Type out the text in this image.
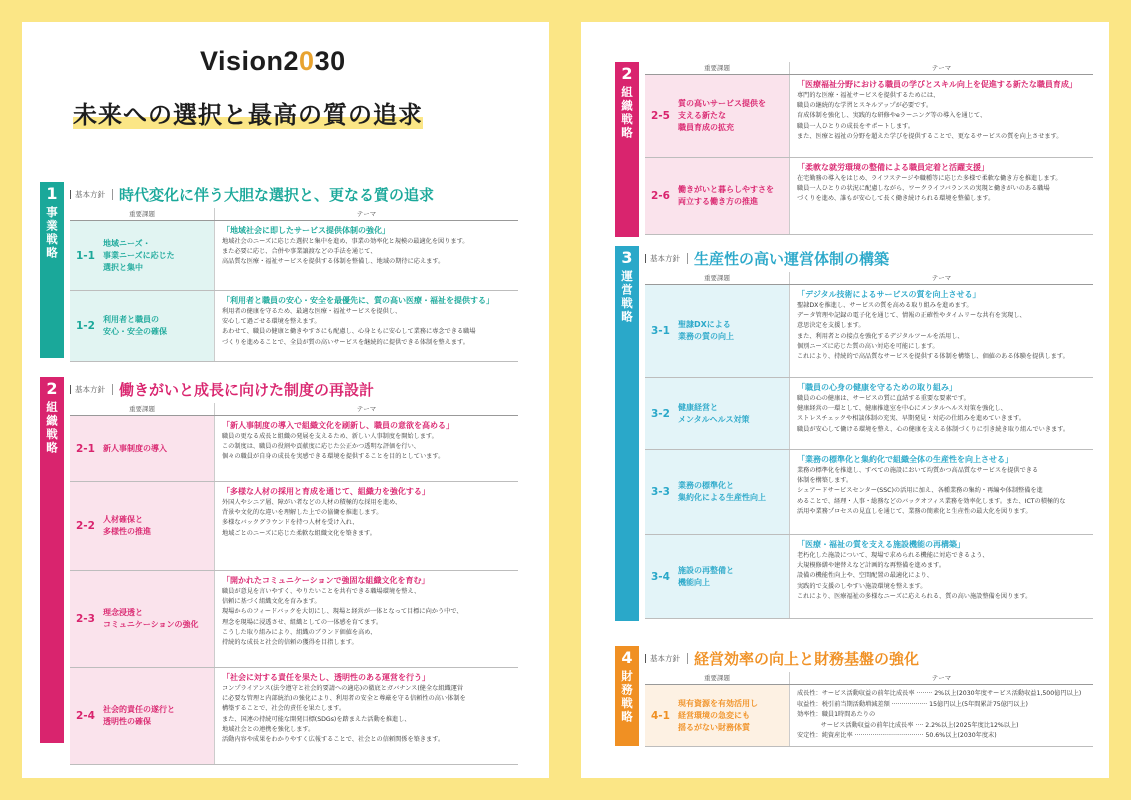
Vision2030
未来への選択と最高の質の追求
1
事業戦略
基本方針 時代変化に伴う大胆な選択と、更なる質の追求
重要課題	テーマ
1-1
地域ニーズ・
事業ニーズに応じた
選択と集中
「地域社会に即したサービス提供体制の強化」
地域社会のニーズに応じた選択と集中を進め、事業の効率化と規模の最適化を図ります。
また必要に応じ、合併や事業譲渡などの手法を通じて、
高品質な医療・福祉サービスを提供する体制を整備し、地域の期待に応えます。
1-2
利用者と職員の
安心・安全の確保
「利用者と職員の安心・安全を最優先に、質の高い医療・福祉を提供する」
利用者の健康を守るため、最適な医療・福祉サービスを提供し、
安心して過ごせる環境を整えます。
あわせて、職員の健康と働きやすさにも配慮し、心身ともに安心して業務に専念できる職場
づくりを進めることで、全員が質の高いサービスを継続的に提供できる体制を整えます。
2
組織戦略
基本方針 働きがいと成長に向けた制度の再設計
重要課題	テーマ
2-1	新人事制度の導入
「新人事制度の導入で組織文化を刷新し、職員の意欲を高める」
職員の更なる成長と組織の発展を支えるため、新しい人事制度を開始します。
この制度は、職員の役割や貢献度に応じた公正かつ透明な評価を行い、
個々の職員が自身の成長を実感できる環境を提供することを目的としています。
2-2
人材確保と
多様性の推進
「多様な人材の採用と育成を通じて、組織力を強化する」
外国人やシニア層、障がい者などの人材の積極的な採用を進め、
背景や文化的な違いを理解した上での協働を推進します。
多様なバックグラウンドを持つ人材を受け入れ、
地域ごとのニーズに応じた柔軟な組織文化を築きます。
2-3
理念浸透と
コミュニケーションの強化
「開かれたコミュニケーションで強固な組織文化を育む」
職員が意見を言いやすく、やりたいことを共有できる職場環境を整え、
信頼に基づく組織文化を育みます。
現場からのフィードバックを大切にし、現場と経営が一体となって目標に向かう中で、
理念を現場に浸透させ、組織としての一体感を育てます。
こうした取り組みにより、組織のブランド価値を高め、
持続的な成長と社会的信頼の獲得を目指します。
2-4
社会的責任の遂行と
透明性の確保
「社会に対する責任を果たし、透明性のある運営を行う」
コンプライアンス(法令遵守と社会的要請への適応)の徹底とガバナンス(健全な組織運営
に必要な管理と内部統治)の強化により、利用者の安全と尊厳を守る信頼性の高い体制を
構築することで、社会的責任を果たします。
また、国連の持続可能な開発目標(SDGs)を踏まえた活動を推進し、
地域社会との連携を強化します。
活動内容や成果をわかりやすく広報することで、社会との信頼関係を築きます。
2
組織戦略
重要課題	テーマ
2-5
質の高いサービス提供を
支える新たな
職員育成の拡充
「医療福祉分野における職員の学びとスキル向上を促進する新たな職員育成」
専門的な医療・福祉サービスを提供するためには、
職員の継続的な学習とスキルアップが必要です。
育成体制を強化し、実践的な研修やeラーニング等の導入を通じて、
職員一人ひとりの成長をサポートします。
また、医療と福祉の分野を超えた学びを提供することで、更なるサービスの質を向上させます。
2-6
働きがいと暮らしやすさを
両立する働き方の推進
「柔軟な就労環境の整備による職員定着と活躍支援」
在宅勤務の導入をはじめ、ライフステージや職種等に応じた多様で柔軟な働き方を推進します。
職員一人ひとりの状況に配慮しながら、ワークライフバランスの実現と働きがいのある職場
づくりを進め、誰もが安心して長く働き続けられる環境を整備します。
3
運営戦略
基本方針 生産性の高い運営体制の構築
重要課題	テーマ
3-1
聖隷DXによる
業務の質の向上
「デジタル技術によるサービスの質を向上させる」
聖隷DXを推進し、サービスの質を高める取り組みを進めます。
データ管理や記録の電子化を通じて、情報の正確性やタイムリーな共有を実現し、
意思決定を支援します。
また、利用者との接点を強化するデジタルツールを活用し、
個別ニーズに応じた質の高い対応を可能にします。
これにより、持続的で高品質なサービスを提供する体制を構築し、価値のある体験を提供します。
3-2
健康経営と
メンタルヘルス対策
「職員の心身の健康を守るための取り組み」
職員の心の健康は、サービスの質に直結する重要な要素です。
健康経営の一環として、健康推進室を中心にメンタルヘルス対策を強化し、
ストレスチェックや相談体制の充実、早期発見・対応の仕組みを進めていきます。
職員が安心して働ける環境を整え、心の健康を支える体制づくりに引き続き取り組んでいきます。
3-3
業務の標準化と
集約化による生産性向上
「業務の標準化と集約化で組織全体の生産性を向上させる」
業務の標準化を推進し、すべての施設において均質かつ高品質なサービスを提供できる
体制を構築します。
シェアードサービスセンター(SSC)の活用に加え、各種業務の集約・再編や体制整備を進
めることで、経理・人事・総務などのバックオフィス業務を効率化します。また、ICTの積極的な
活用や業務プロセスの見直しを通じて、業務の簡素化と生産性の最大化を図ります。
3-4
施設の再整備と
機能向上
「医療・福祉の質を支える施設機能の再構築」
老朽化した施設について、現場で求められる機能に対応できるよう、
大規模修繕や建替えなど計画的な再整備を進めます。
設備の機能性向上や、空間配置の最適化により、
実践的で支援のしやすい施設環境を整えます。
これにより、医療福祉の多様なニーズに応えられる、質の高い施設整備を図ります。
4
財務戦略
基本方針 経営効率の向上と財務基盤の強化
重要課題	テーマ
4-1
現有資源を有効活用し
経営環境の急変にも
揺るがない財務体質
成長性：サービス活動収益の前年比成長率 ········ 2%以上(2030年度サービス活動収益1,500億円以上)
収益性：税引前当期活動増減差額 ·················· 15億円以上(5年間累計75億円以上)
効率性：職員1時間あたりの
サービス活動収益の前年比成長率 ···· 2.2%以上(2025年度比12%以上)
安定性：純資産比率 ··································· 50.6%以上(2030年度末)
